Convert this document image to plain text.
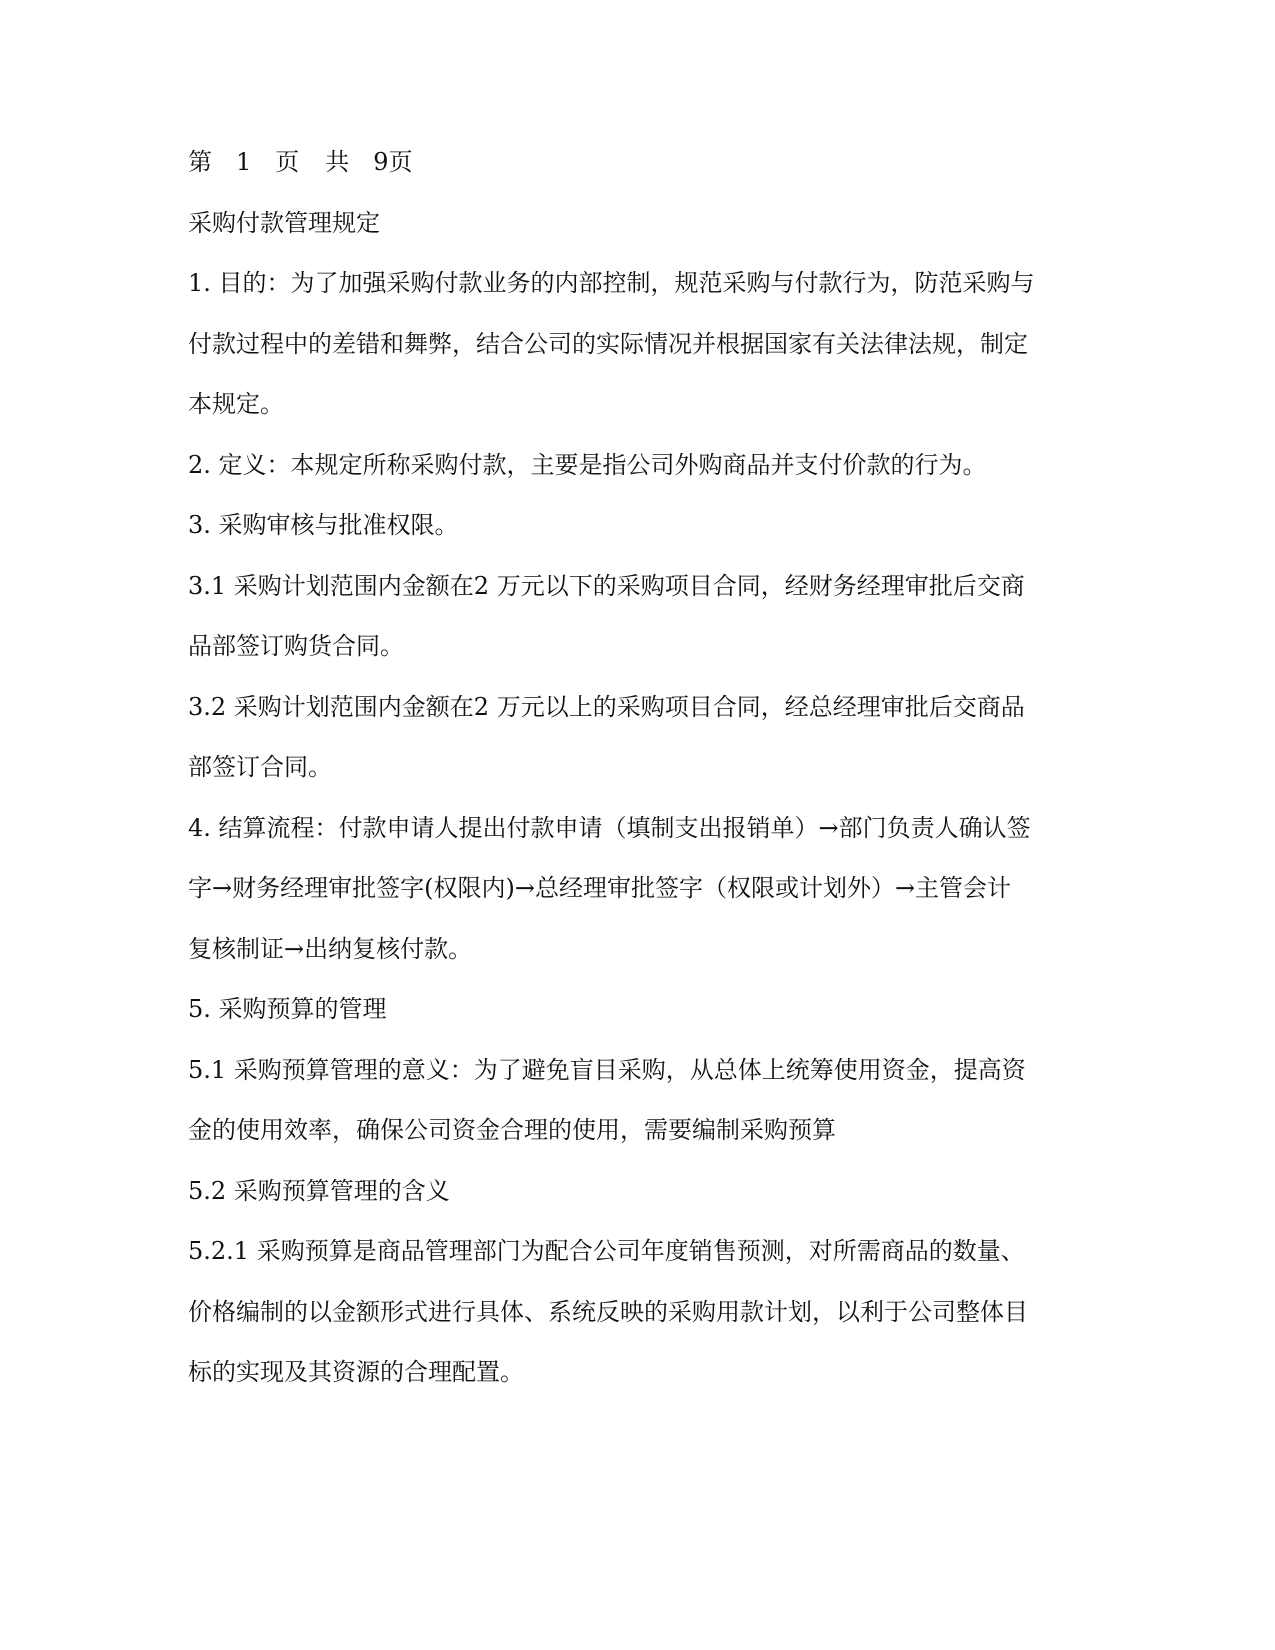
第 1 页 共 9页
采购付款管理规定
1. 目的：为了加强采购付款业务的内部控制，规范采购与付款行为，防范采购与
付款过程中的差错和舞弊，结合公司的实际情况并根据国家有关法律法规，制定
本规定。
2. 定义：本规定所称采购付款，主要是指公司外购商品并支付价款的行为。
3. 采购审核与批准权限。
3.1 采购计划范围内金额在2 万元以下的采购项目合同，经财务经理审批后交商
品部签订购货合同。
3.2 采购计划范围内金额在2 万元以上的采购项目合同，经总经理审批后交商品
部签订合同。
4. 结算流程：付款申请人提出付款申请（填制支出报销单）→部门负责人确认签
字→财务经理审批签字(权限内)→总经理审批签字（权限或计划外）→主管会计
复核制证→出纳复核付款。
5. 采购预算的管理
5.1 采购预算管理的意义：为了避免盲目采购，从总体上统筹使用资金，提高资
金的使用效率，确保公司资金合理的使用，需要编制采购预算
5.2 采购预算管理的含义
5.2.1 采购预算是商品管理部门为配合公司年度销售预测，对所需商品的数量、
价格编制的以金额形式进行具体、系统反映的采购用款计划，以利于公司整体目
标的实现及其资源的合理配置。
